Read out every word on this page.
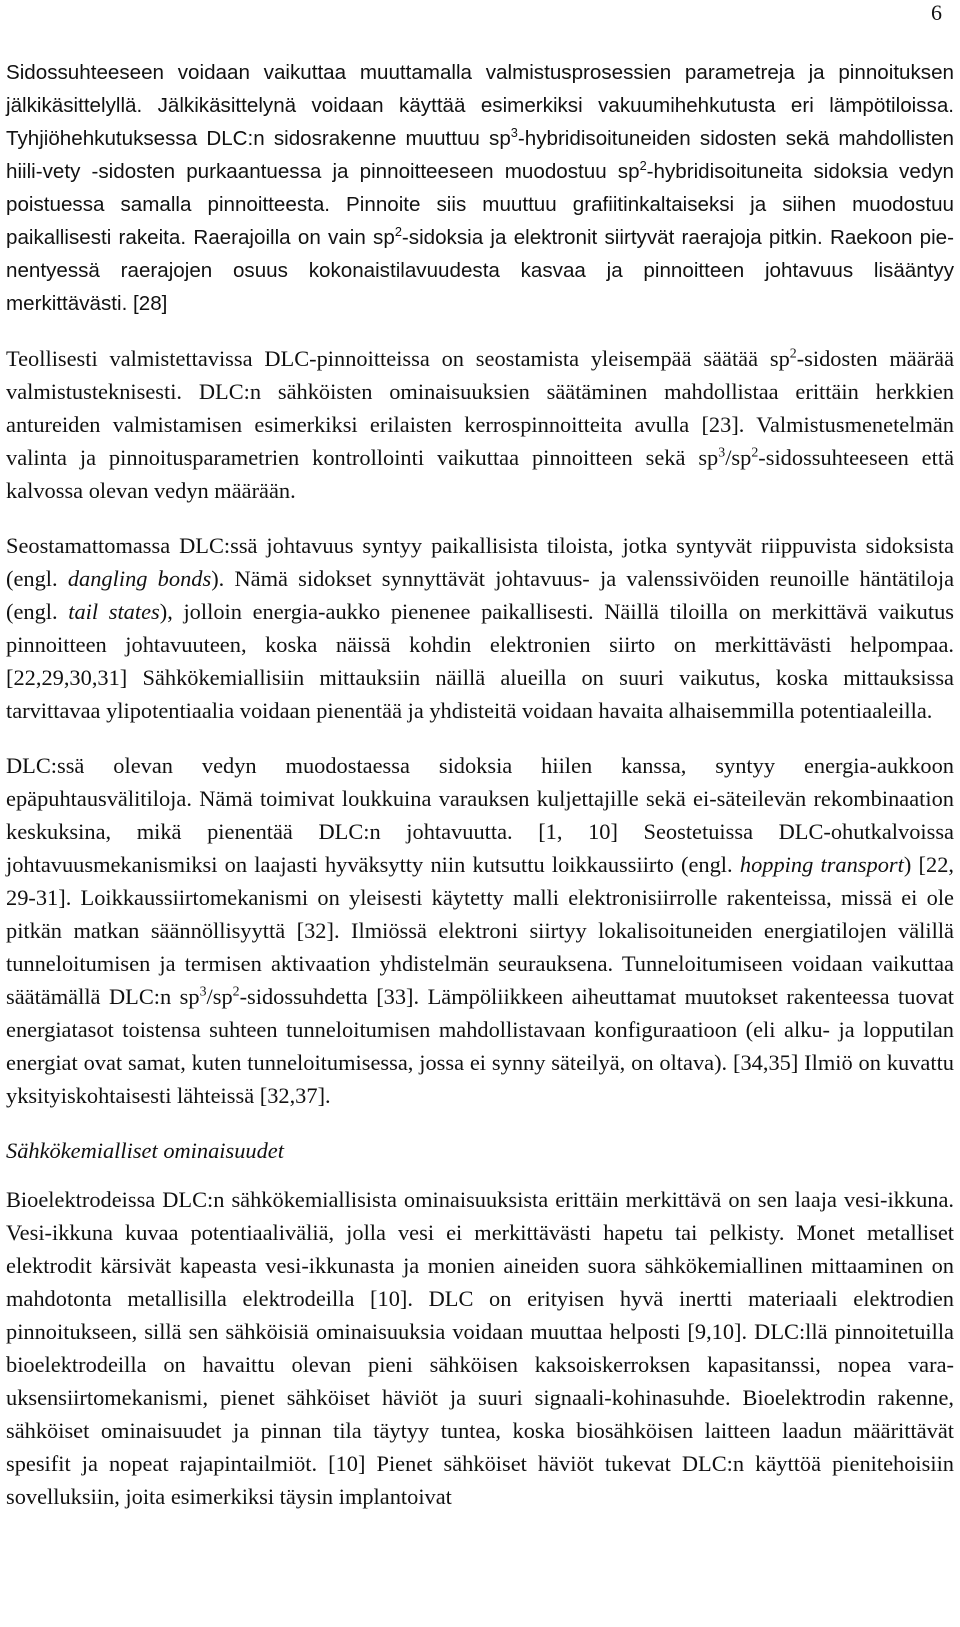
6

Sidossuhteeseen voidaan vaikuttaa muuttamalla valmistusprosessien parametreja ja pinnoituksen jälkikäsittelyllä. Jälkikäsittelynä voidaan käyttää esimerkiksi vakuumihehkutusta eri lämpötiloissa. Tyhjiöhehkutuksessa DLC:n sidosrakenne muuttuu $sp^3$-hybridisoituneiden sidosten sekä mahdollisten hiili-vety -sidosten purkaantuessa ja pinnoitteeseen muodostuu $sp^2$-hybridisoituneita sidoksia vedyn poistuessa samalla pinnoitteesta. Pinnoite siis muuttuu grafiitinkaltaiseksi ja siihen muodostuu paikallisesti rakeita. Raerajoilla on vain $sp^2$-sidoksia ja elektronit siirtyvät raerajoja pitkin. Raekoon pienentyessä raerajojen osuus kokonaistilavuudesta kasvaa ja pinnoitteen johtavuus lisääntyy merkittävästi. [28]

Teollisesti valmistettavissa DLC-pinnoitteissa on seostamista yleisempää säätää $sp^2$-sidosten määrää valmistusteknisesti. DLC:n sähköisten ominaisuuksien säätäminen mahdollistaa erittäin herkkien antureiden valmistamisen esimerkiksi erilaisten kerrospinnoitteita avulla [23]. Valmistusmenetelmän valinta ja pinnoitusparametrien kontrollointi vaikuttaa pinnoitteen sekä $sp^3/sp^2$-sidossuhteeseen että kalvossa olevan vedyn määrään.

Seostamattomassa DLC:ssä johtavuus syntyy paikallisista tiloista, jotka syntyvät riippuvista sidoksista (engl. dangling bonds). Nämä sidokset synnyttävät johtavuus- ja valenssivöiden reunoille häntätiloja (engl. tail states), jolloin energia-aukko pienenee paikallisesti. Näillä tiloilla on merkittävä vaikutus pinnoitteen johtavuuteen, koska näissä kohdin elektronien siirto on merkittävästi helpompaa. [22,29,30,31] Sähkökemiallisiin mittauksiin näillä alueilla on suuri vaikutus, koska mittauksissa tarvittavaa ylipotentiaalia voidaan pienentää ja yhdisteitä voidaan havaita alhaisemmilla potentiaaleilla.

DLC:ssä olevan vedyn muodostaessa sidoksia hiilen kanssa, syntyy energia-aukkoon epäpuhtausvälitiloja. Nämä toimivat loukkuina varauksen kuljettajille sekä ei-säteilevän rekombinaation keskuksina, mikä pienentää DLC:n johtavuutta. [1, 10] Seostetuissa DLC-ohutkalvoissa johtavuusmekanismiksi on laajasti hyväksytty niin kutsuttu loikkaussiirto (engl. hopping transport) [22, 29-31]. Loikkaussiirtomekanismi on yleisesti käytetty malli elektronisiirrolle rakenteissa, missä ei ole pitkän matkan säännöllisyyttä [32]. Ilmiössä elektroni siirtyy lokalisoituneiden energiatilojen välillä tunneloitumisen ja termisen aktivaation yhdistelmän seurauksena. Tunneloitumiseen voidaan vaikuttaa säätämällä DLC:n $sp^3/sp^2$-sidossuhdetta [33]. Lämpöliikkeen aiheuttamat muutokset rakenteessa tuovat energiatasot toistensa suhteen tunneloitumisen mahdollistavaan konfiguraatioon (eli alku- ja lopputilan energiat ovat samat, kuten tunneloitumisessa, jossa ei synny säteilyä, on oltava). [34,35] Ilmiö on kuvattu yksityiskohtaisesti lähteissä [32,37].

Sähkökemialliset ominaisuudet

Bioelektrodeissa DLC:n sähkökemiallisista ominaisuuksista erittäin merkittävä on sen laaja vesi-ikkuna. Vesi-ikkuna kuvaa potentiaaliväliä, jolla vesi ei merkittävästi hapetu tai pelkisty. Monet metalliset elektrodit kärsivät kapeasta vesi-ikkunasta ja monien aineiden suora sähkökemiallinen mittaaminen on mahdotonta metallisilla elektrodeilla [10]. DLC on erityisen hyvä inertti materiaali elektrodien pinnoitukseen, sillä sen sähköisiä ominaisuuksia voidaan muuttaa helposti [9,10]. DLC:llä pinnoitetuilla bioelektrodeilla on havaittu olevan pieni sähköisen kaksoiskerroksen kapasitanssi, nopea varauksensiirtomekanismi, pienet sähköiset häviöt ja suuri signaali-kohinasuhde. Bioelektrodin rakenne, sähköiset ominaisuudet ja pinnan tila täytyy tuntea, koska biosähköisen laitteen laadun määrittävät spesifit ja nopeat rajapintailmiöt. [10] Pienet sähköiset häviöt tukevat DLC:n käyttöä pienitehoisiin sovelluksiin, joita esimerkiksi täysin implantoivat
